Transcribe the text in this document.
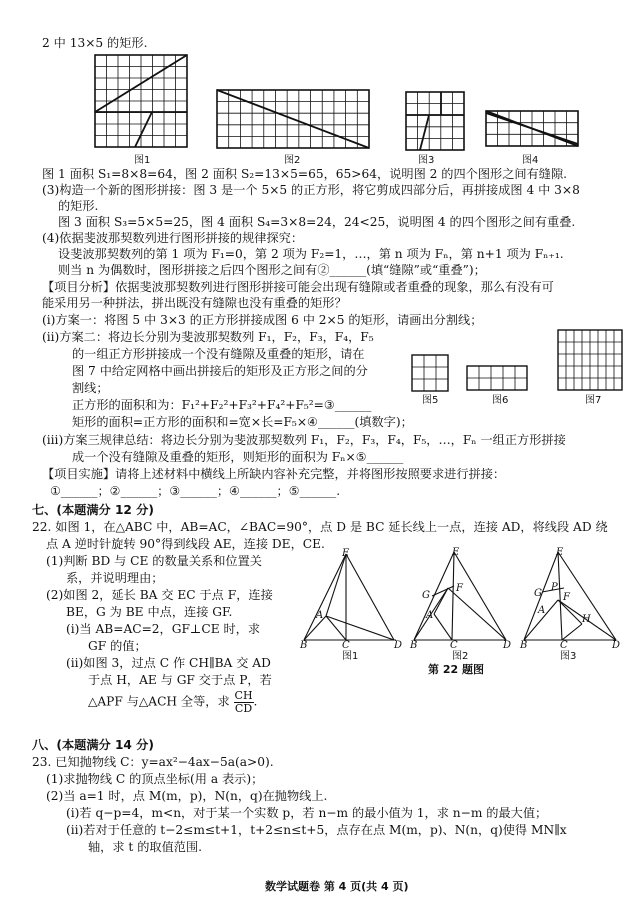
2 中 13×5 的矩形.
图1	图2	图3	图4
图 1 面积 S₁=8×8=64，图 2 面积 S₂=13×5=65，65>64，说明图 2 的四个图形之间有缝隙.
(3)构造一个新的图形拼接：图 3 是一个 5×5 的正方形，将它剪成四部分后，再拼接成图 4 中 3×8
的矩形.
图 3 面积 S₃=5×5=25，图 4 面积 S₄=3×8=24，24<25，说明图 4 的四个图形之间有重叠.
(4)依据斐波那契数列进行图形拼接的规律探究：
设斐波那契数列的第 1 项为 F₁=0，第 2 项为 F₂=1，…，第 n 项为 Fₙ，第 n+1 项为 Fₙ₊₁.
则当 n 为偶数时，图形拼接之后四个图形之间有②______(填“缝隙”或“重叠”)；
【项目分析】依据斐波那契数列进行图形拼接可能会出现有缝隙或者重叠的现象，那么有没有可
能采用另一种拼法，拼出既没有缝隙也没有重叠的矩形？
(i)方案一：将图 5 中 3×3 的正方形拼接成图 6 中 2×5 的矩形，请画出分割线；
(ii)方案二：将边长分别为斐波那契数列 F₁，F₂，F₃，F₄，F₅
的一组正方形拼接成一个没有缝隙及重叠的矩形，请在
图 7 中给定网格中画出拼接后的矩形及正方形之间的分
割线；
正方形的面积和为：F₁²+F₂²+F₃²+F₄²+F₅²=③______
矩形的面积=正方形的面积和=宽×长=F₅×④______(填数字)；
图5	图6	图7
(iii)方案三规律总结：将边长分别为斐波那契数列 F₁，F₂，F₃，F₄，F₅，…，Fₙ 一组正方形拼接
成一个没有缝隙及重叠的矩形，则矩形的面积为 Fₙ×⑤______
【项目实施】请将上述材料中横线上所缺内容补充完整，并将图形按照要求进行拼接：
①______；②______；③______；④______；⑤______.
七、(本题满分 12 分)
22. 如图 1，在△ABC 中，AB=AC，∠BAC=90°，点 D 是 BC 延长线上一点，连接 AD，将线段 AD 绕
点 A 逆时针旋转 90°得到线段 AE，连接 DE，CE.
(1)判断 BD 与 CE 的数量关系和位置关
系，并说明理由；
(2)如图 2，延长 BA 交 EC 于点 F，连接
BE，G 为 BE 中点，连接 GF.
(i)当 AB=AC=2，GF⊥CE 时，求
GF 的值；
(ii)如图 3，过点 C 作 CH∥BA 交 AD
于点 H，AE 与 GF 交于点 P，若
△APF 与△ACH 全等，求 $\frac{CH}{CD}$ .
E
A
B	C	D
图1
E
G
F
A
B	C	D
图2
E
G
P
F
A
H
B	C	D
图3
第 22 题图
八、(本题满分 14 分)
23. 已知抛物线 C：y=ax²−4ax−5a(a>0).
(1)求抛物线 C 的顶点坐标(用 a 表示)；
(2)当 a=1 时，点 M(m，p)，N(n，q)在抛物线上.
(i)若 q−p=4，m<n，对于某一个实数 p，若 n−m 的最小值为 1，求 n−m 的最大值；
(ii)若对于任意的 t−2≤m≤t+1，t+2≤n≤t+5，点存在点 M(m，p)、N(n，q)使得 MN∥x
轴，求 t 的取值范围.
数学试题卷 第 4 页(共 4 页)
